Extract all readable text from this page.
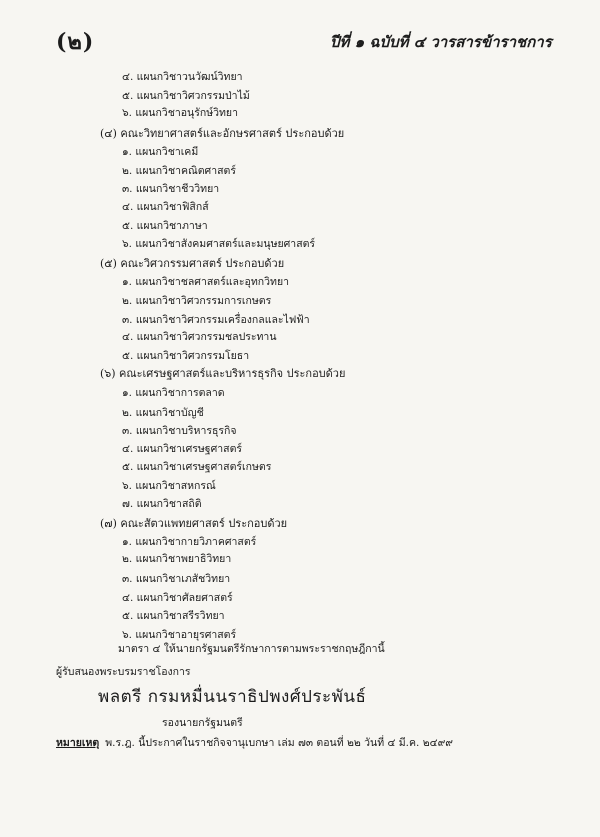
(๒)	ปีที่ ๑ ฉบับที่ ๔ วารสารข้าราชการ
๔. แผนกวิชาวนวัฒน์วิทยา
๕. แผนกวิชาวิศวกรรมป่าไม้
๖. แผนกวิชาอนุรักษ์วิทยา
(๔) คณะวิทยาศาสตร์และอักษรศาสตร์ ประกอบด้วย
๑. แผนกวิชาเคมี
๒. แผนกวิชาคณิตศาสตร์
๓. แผนกวิชาชีววิทยา
๔. แผนกวิชาฟิสิกส์
๕. แผนกวิชาภาษา
๖. แผนกวิชาสังคมศาสตร์และมนุษยศาสตร์
(๕) คณะวิศวกรรมศาสตร์ ประกอบด้วย
๑. แผนกวิชาชลศาสตร์และอุทกวิทยา
๒. แผนกวิชาวิศวกรรมการเกษตร
๓. แผนกวิชาวิศวกรรมเครื่องกลและไฟฟ้า
๔. แผนกวิชาวิศวกรรมชลประทาน
๕. แผนกวิชาวิศวกรรมโยธา
(๖) คณะเศรษฐศาสตร์และบริหารธุรกิจ ประกอบด้วย
๑. แผนกวิชาการตลาด
๒. แผนกวิชาบัญชี
๓. แผนกวิชาบริหารธุรกิจ
๔. แผนกวิชาเศรษฐศาสตร์
๕. แผนกวิชาเศรษฐศาสตร์เกษตร
๖. แผนกวิชาสหกรณ์
๗. แผนกวิชาสถิติ
(๗) คณะสัตวแพทยศาสตร์ ประกอบด้วย
๑. แผนกวิชากายวิภาคศาสตร์
๒. แผนกวิชาพยาธิวิทยา
๓. แผนกวิชาเภสัชวิทยา
๔. แผนกวิชาศัลยศาสตร์
๕. แผนกวิชาสรีรวิทยา
๖. แผนกวิชาอายุรศาสตร์
มาตรา ๔ ให้นายกรัฐมนตรีรักษาการตามพระราชกฤษฎีกานี้
ผู้รับสนองพระบรมราชโองการ
พลตรี กรมหมื่นนราธิปพงศ์ประพันธ์
รองนายกรัฐมนตรี
หมายเหตุ พ.ร.ฎ. นี้ประกาศในราชกิจจานุเบกษา เล่ม ๗๓ ตอนที่ ๒๒ วันที่ ๔ มี.ค. ๒๔๙๙
